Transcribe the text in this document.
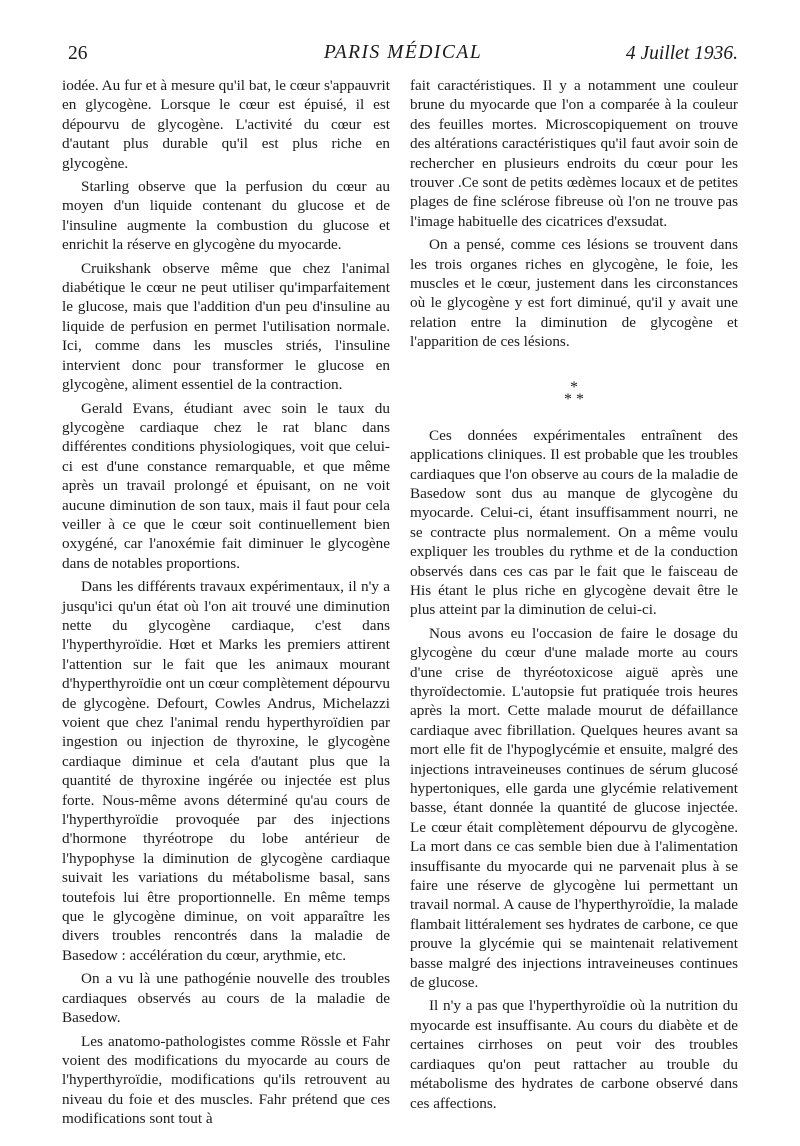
26	PARIS MÉDICAL	4 Juillet 1936.

iodée. Au fur et à mesure qu'il bat, le cœur s'appauvrit en glycogène. Lorsque le cœur est épuisé, il est dépourvu de glycogène. L'activité du cœur est d'autant plus durable qu'il est plus riche en glycogène.

Starling observe que la perfusion du cœur au moyen d'un liquide contenant du glucose et de l'insuline augmente la combustion du glucose et enrichit la réserve en glycogène du myocarde.

Cruikshank observe même que chez l'animal diabétique le cœur ne peut utiliser qu'imparfaitement le glucose, mais que l'addition d'un peu d'insuline au liquide de perfusion en permet l'utilisation normale. Ici, comme dans les muscles striés, l'insuline intervient donc pour transformer le glucose en glycogène, aliment essentiel de la contraction.

Gerald Evans, étudiant avec soin le taux du glycogène cardiaque chez le rat blanc dans différentes conditions physiologiques, voit que celui-ci est d'une constance remarquable, et que même après un travail prolongé et épuisant, on ne voit aucune diminution de son taux, mais il faut pour cela veiller à ce que le cœur soit continuellement bien oxygéné, car l'anoxémie fait diminuer le glycogène dans de notables proportions.

Dans les différents travaux expérimentaux, il n'y a jusqu'ici qu'un état où l'on ait trouvé une diminution nette du glycogène cardiaque, c'est dans l'hyperthyroïdie. Hœt et Marks les premiers attirent l'attention sur le fait que les animaux mourant d'hyperthyroïdie ont un cœur complètement dépourvu de glycogène. Defourt, Cowles Andrus, Michelazzi voient que chez l'animal rendu hyperthyroïdien par ingestion ou injection de thyroxine, le glycogène cardiaque diminue et cela d'autant plus que la quantité de thyroxine ingérée ou injectée est plus forte. Nous-même avons déterminé qu'au cours de l'hyperthyroïdie provoquée par des injections d'hormone thyréotrope du lobe antérieur de l'hypophyse la diminution de glycogène cardiaque suivait les variations du métabolisme basal, sans toutefois lui être proportionnelle. En même temps que le glycogène diminue, on voit apparaître les divers troubles rencontrés dans la maladie de Basedow : accélération du cœur, arythmie, etc.

On a vu là une pathogénie nouvelle des troubles cardiaques observés au cours de la maladie de Basedow.

Les anatomo-pathologistes comme Rössle et Fahr voient des modifications du myocarde au cours de l'hyperthyroïdie, modifications qu'ils retrouvent au niveau du foie et des muscles. Fahr prétend que ces modifications sont tout à

fait caractéristiques. Il y a notamment une couleur brune du myocarde que l'on a comparée à la couleur des feuilles mortes. Microscopiquement on trouve des altérations caractéristiques qu'il faut avoir soin de rechercher en plusieurs endroits du cœur pour les trouver .Ce sont de petits œdèmes locaux et de petites plages de fine sclérose fibreuse où l'on ne trouve pas l'image habituelle des cicatrices d'exsudat.

On a pensé, comme ces lésions se trouvent dans les trois organes riches en glycogène, le foie, les muscles et le cœur, justement dans les circonstances où le glycogène y est fort diminué, qu'il y avait une relation entre la diminution de glycogène et l'apparition de ces lésions.

*
* *

Ces données expérimentales entraînent des applications cliniques. Il est probable que les troubles cardiaques que l'on observe au cours de la maladie de Basedow sont dus au manque de glycogène du myocarde. Celui-ci, étant insuffisamment nourri, ne se contracte plus normalement. On a même voulu expliquer les troubles du rythme et de la conduction observés dans ces cas par le fait que le faisceau de His étant le plus riche en glycogène devait être le plus atteint par la diminution de celui-ci.

Nous avons eu l'occasion de faire le dosage du glycogène du cœur d'une malade morte au cours d'une crise de thyréotoxicose aiguë après une thyroïdectomie. L'autopsie fut pratiquée trois heures après la mort. Cette malade mourut de défaillance cardiaque avec fibrillation. Quelques heures avant sa mort elle fit de l'hypoglycémie et ensuite, malgré des injections intraveineuses continues de sérum glucosé hypertoniques, elle garda une glycémie relativement basse, étant donnée la quantité de glucose injectée. Le cœur était complètement dépourvu de glycogène. La mort dans ce cas semble bien due à l'alimentation insuffisante du myocarde qui ne parvenait plus à se faire une réserve de glycogène lui permettant un travail normal. A cause de l'hyperthyroïdie, la malade flambait littéralement ses hydrates de carbone, ce que prouve la glycémie qui se maintenait relativement basse malgré des injections intraveineuses continues de glucose.

Il n'y a pas que l'hyperthyroïdie où la nutrition du myocarde est insuffisante. Au cours du diabète et de certaines cirrhoses on peut voir des troubles cardiaques qu'on peut rattacher au trouble du métabolisme des hydrates de carbone observé dans ces affections.
